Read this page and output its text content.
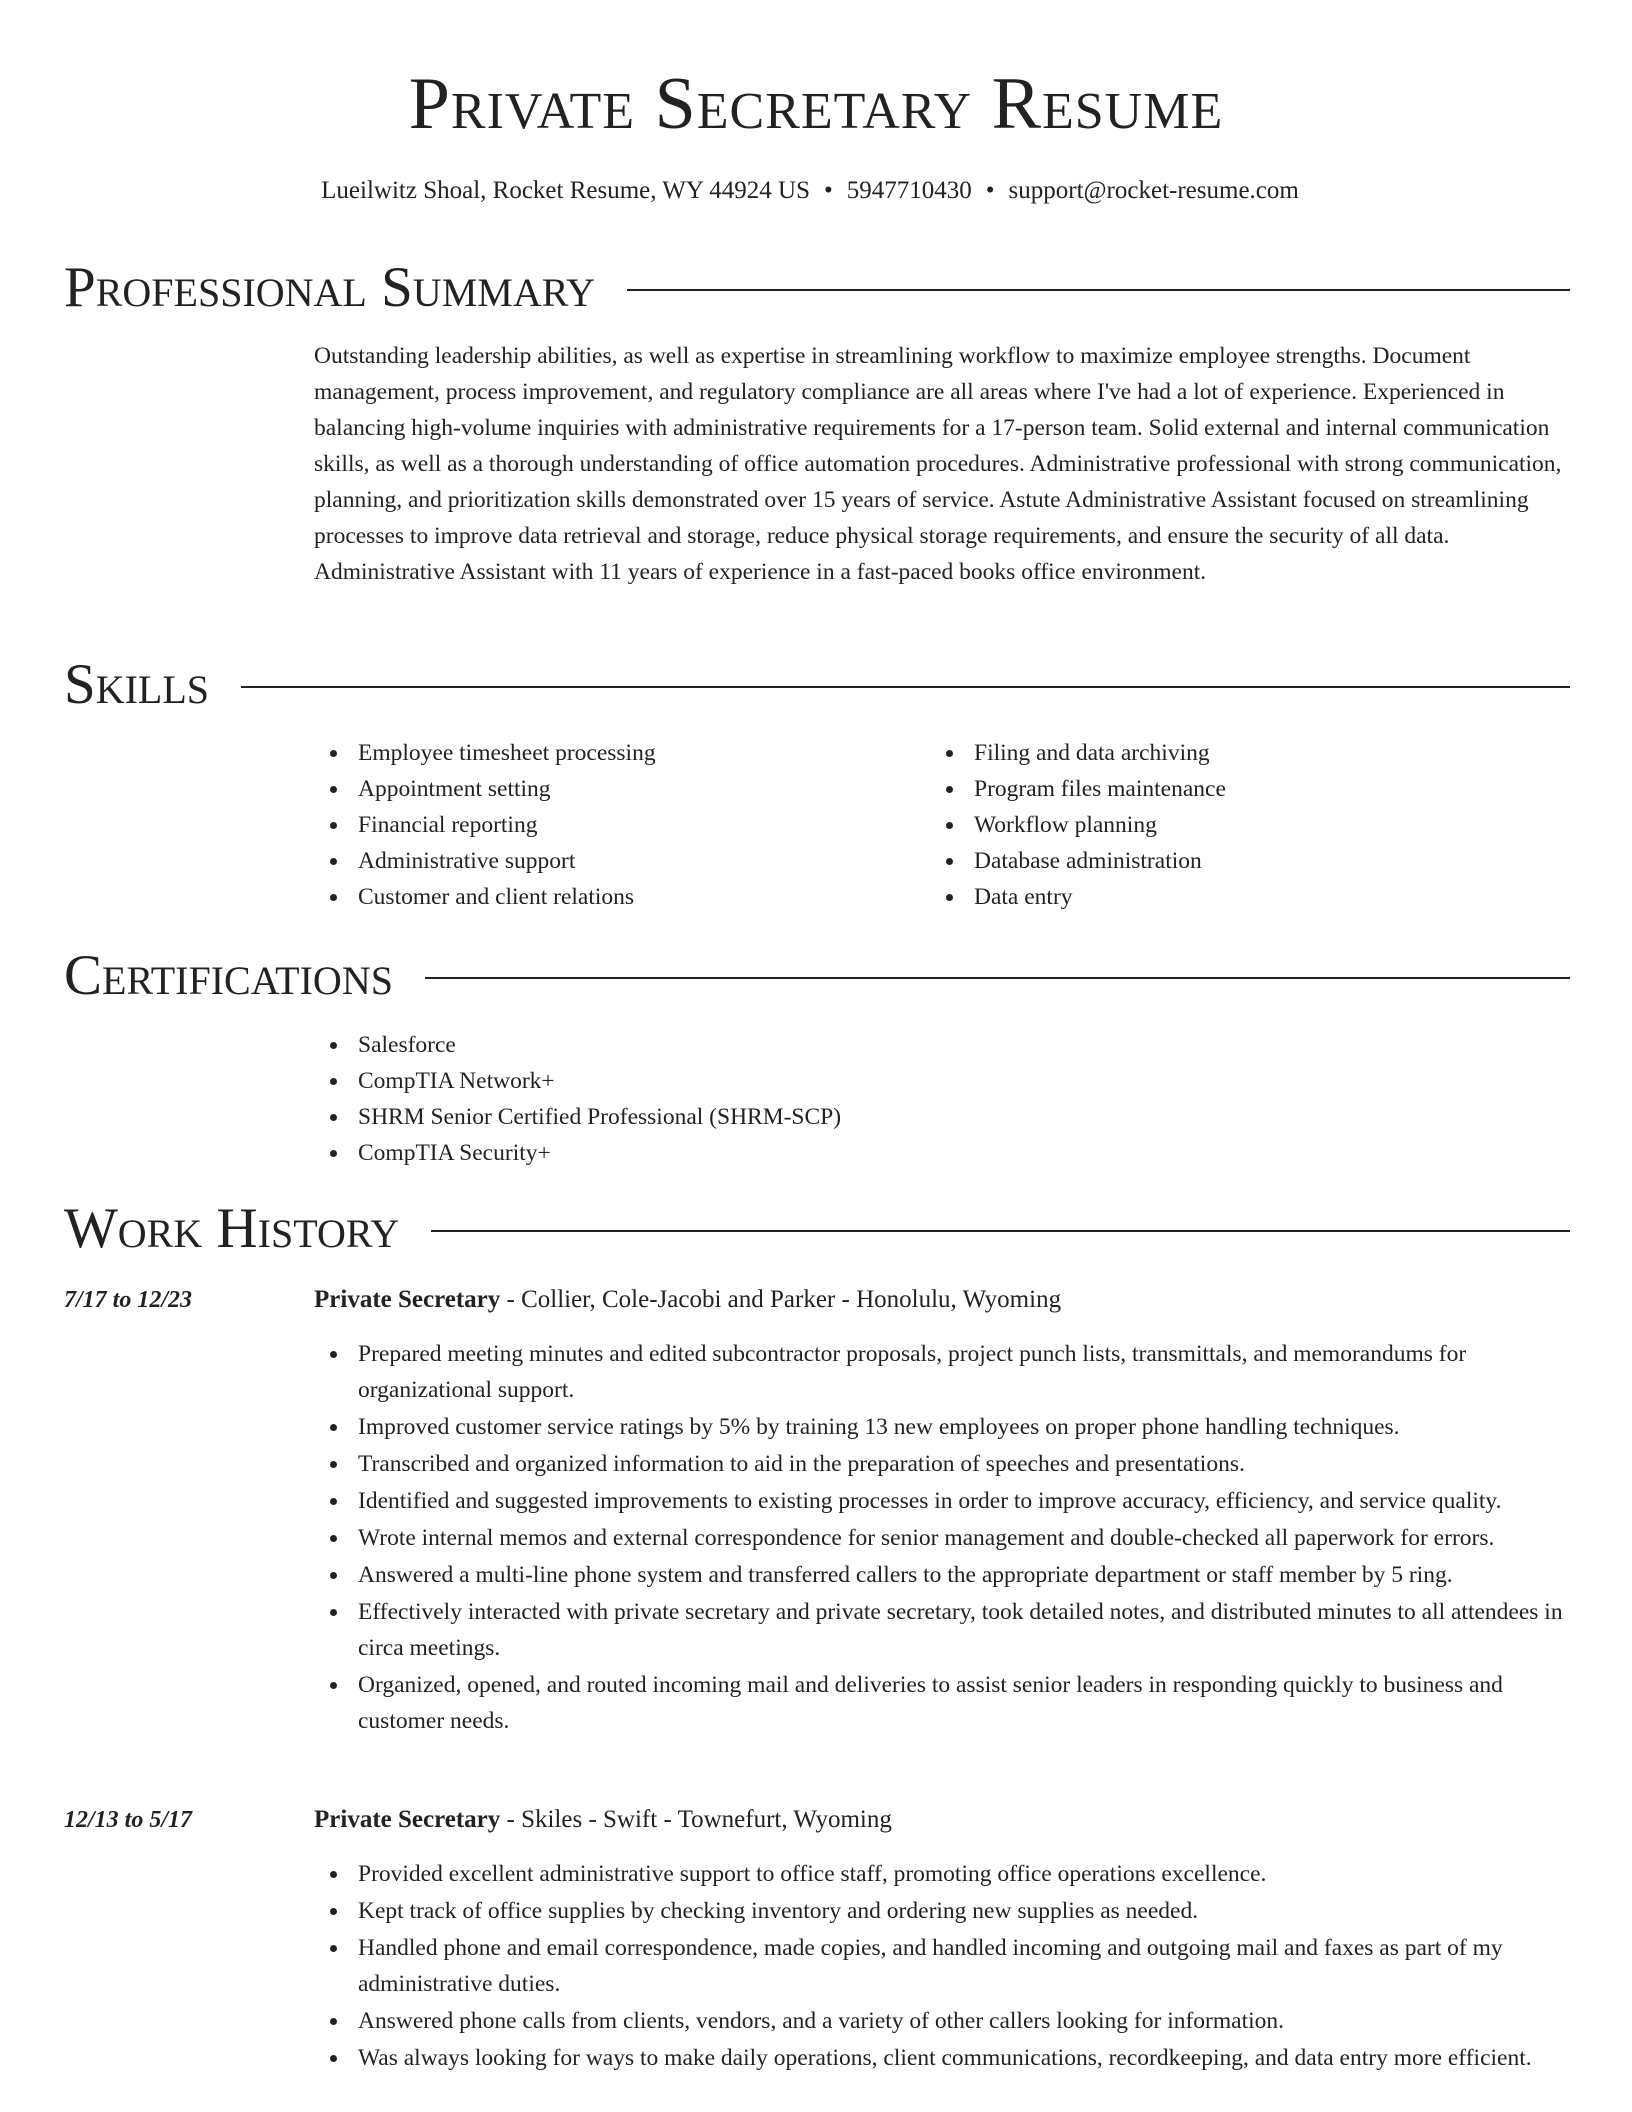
Private Secretary Resume
Lueilwitz Shoal, Rocket Resume, WY 44924 US • 5947710430 • support@rocket-resume.com
Professional Summary

Outstanding leadership abilities, as well as expertise in streamlining workflow to maximize employee strengths. Document management, process improvement, and regulatory compliance are all areas where I've had a lot of experience. Experienced in balancing high-volume inquiries with administrative requirements for a 17-person team. Solid external and internal communication skills, as well as a thorough understanding of office automation procedures. Administrative professional with strong communication, planning, and prioritization skills demonstrated over 15 years of service. Astute Administrative Assistant focused on streamlining processes to improve data retrieval and storage, reduce physical storage requirements, and ensure the security of all data. Administrative Assistant with 11 years of experience in a fast-paced books office environment.

Skills
Employee timesheet processing
Appointment setting
Financial reporting
Administrative support
Customer and client relations
Filing and data archiving
Program files maintenance
Workflow planning
Database administration
Data entry
Certifications
Salesforce
CompTIA Network+
SHRM Senior Certified Professional (SHRM-SCP)
CompTIA Security+
Work History
7/17 to 12/23	Private Secretary - Collier, Cole-Jacobi and Parker - Honolulu, Wyoming
Prepared meeting minutes and edited subcontractor proposals, project punch lists, transmittals, and memorandums for organizational support.
Improved customer service ratings by 5% by training 13 new employees on proper phone handling techniques.
Transcribed and organized information to aid in the preparation of speeches and presentations.
Identified and suggested improvements to existing processes in order to improve accuracy, efficiency, and service quality.
Wrote internal memos and external correspondence for senior management and double-checked all paperwork for errors.
Answered a multi-line phone system and transferred callers to the appropriate department or staff member by 5 ring.
Effectively interacted with private secretary and private secretary, took detailed notes, and distributed minutes to all attendees in circa meetings.
Organized, opened, and routed incoming mail and deliveries to assist senior leaders in responding quickly to business and customer needs.
12/13 to 5/17	Private Secretary - Skiles - Swift - Townefurt, Wyoming
Provided excellent administrative support to office staff, promoting office operations excellence.
Kept track of office supplies by checking inventory and ordering new supplies as needed.
Handled phone and email correspondence, made copies, and handled incoming and outgoing mail and faxes as part of my administrative duties.
Answered phone calls from clients, vendors, and a variety of other callers looking for information.
Was always looking for ways to make daily operations, client communications, recordkeeping, and data entry more efficient.
